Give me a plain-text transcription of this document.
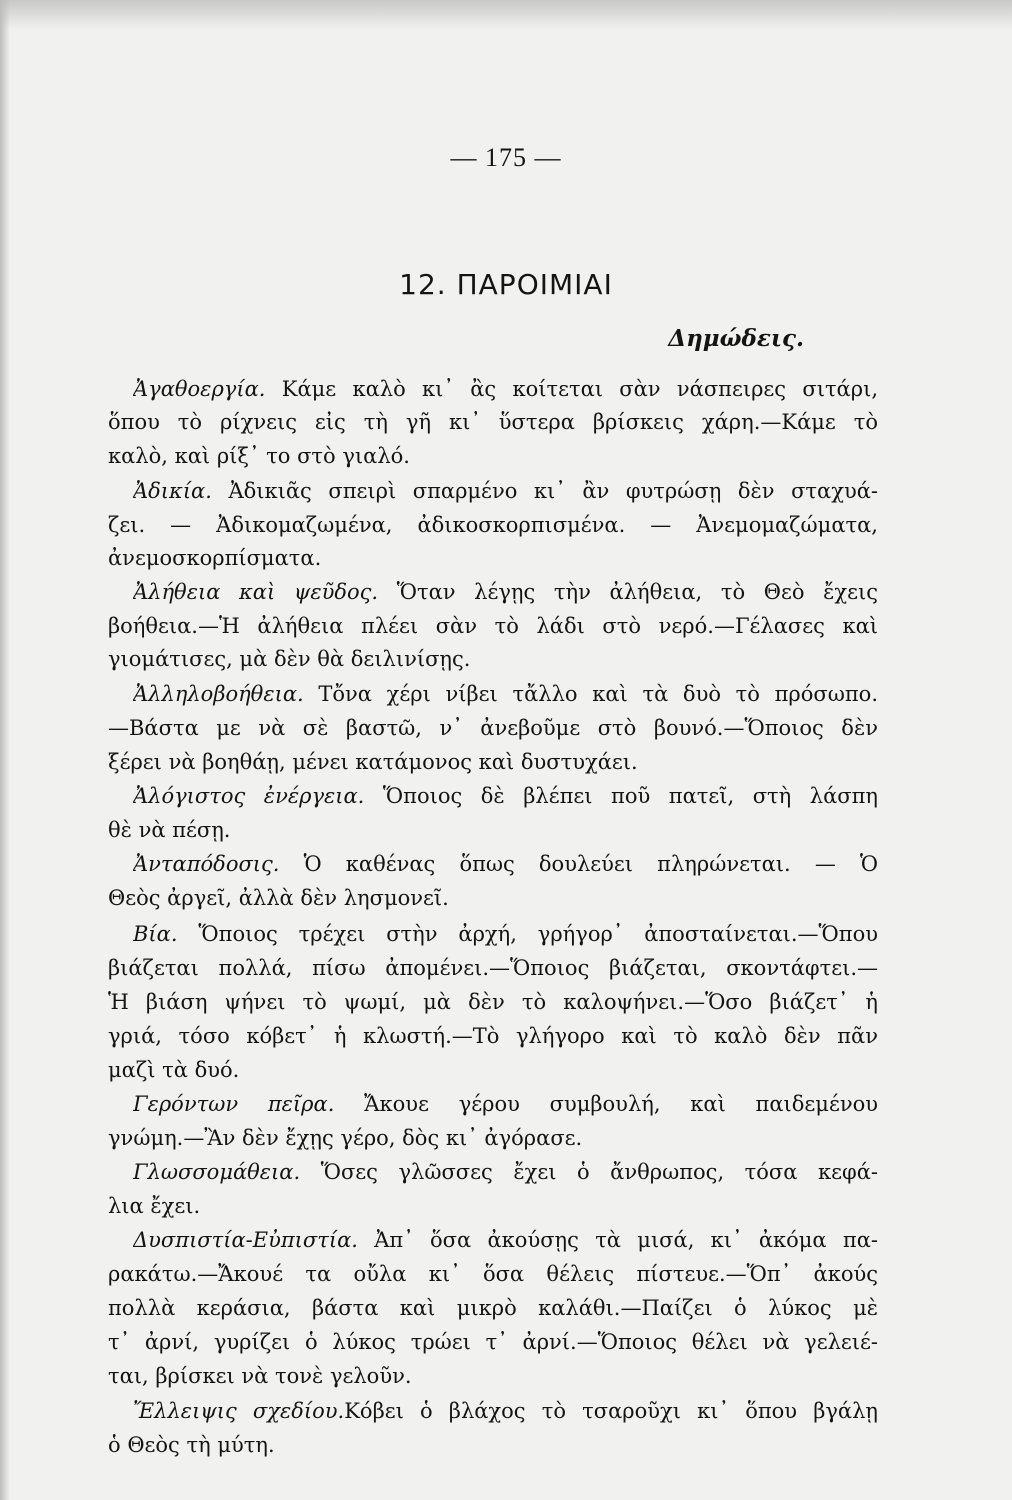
— 175 —
12. ΠΑΡΟΙΜΙΑΙ
Δημώδεις.
Ἀγαθοεργία. Κάμε καλὸ κι᾽ ἂς κοίτεται σὰν νάσπειρες σιτάρι,
ὅπου τὸ ρίχνεις εἰς τὴ γῆ κι᾽ ὕστερα βρίσκεις χάρη.—Κάμε τὸ
καλὸ, καὶ ρίξ᾽ το στὸ γιαλό.
Ἀδικία. Ἀδικιᾶς σπειρὶ σπαρμένο κι᾽ ἂν φυτρώσῃ δὲν σταχυά-
ζει. — Ἀδικομαζωμένα, ἀδικοσκορπισμένα. — Ἀνεμομαζώματα,
ἀνεμοσκορπίσματα.
Ἀλήθεια καὶ ψεῦδος. Ὅταν λέγῃς τὴν ἀλήθεια, τὸ Θεὸ ἔχεις
βοήθεια.—Ἡ ἀλήθεια πλέει σὰν τὸ λάδι στὸ νερό.—Γέλασες καὶ
γιομάτισες, μὰ δὲν θὰ δειλινίσῃς.
Ἀλληλοβοήθεια. Τὄνα χέρι νίβει τἄλλο καὶ τὰ δυὸ τὸ πρόσωπο.
—Βάστα με νὰ σὲ βαστῶ, ν᾽ ἀνεβοῦμε στὸ βουνό.—Ὅποιος δὲν
ξέρει νὰ βοηθάῃ, μένει κατάμονος καὶ δυστυχάει.
Ἀλόγιστος ἐνέργεια. Ὅποιος δὲ βλέπει ποῦ πατεῖ, στὴ λάσπη
θὲ νὰ πέσῃ.
Ἀνταπόδοσις. Ὁ καθένας ὅπως δουλεύει πληρώνεται. — Ὁ
Θεὸς ἀργεῖ, ἀλλὰ δὲν λησμονεῖ.
Βία. Ὅποιος τρέχει στὴν ἀρχή, γρήγορ᾽ ἀποσταίνεται.—Ὅπου
βιάζεται πολλά, πίσω ἀπομένει.—Ὅποιος βιάζεται, σκοντάφτει.—
Ἡ βιάση ψήνει τὸ ψωμί, μὰ δὲν τὸ καλοψήνει.—Ὅσο βιάζετ᾽ ἡ
γριά, τόσο κόβετ᾽ ἡ κλωστή.—Τὸ γλήγορο καὶ τὸ καλὸ δὲν πᾶν
μαζὶ τὰ δυό.
Γερόντων πεῖρα. Ἄκουε γέρου συμβουλή, καὶ παιδεμένου
γνώμη.—Ἂν δὲν ἔχῃς γέρο, δὸς κι᾽ ἀγόρασε.
Γλωσσομάθεια. Ὅσες γλῶσσες ἔχει ὁ ἄνθρωπος, τόσα κεφά-
λια ἔχει.
Δυσπιστία-Εὐπιστία. Ἀπ᾽ ὅσα ἀκούσῃς τὰ μισά, κι᾽ ἀκόμα πα-
ρακάτω.—Ἄκουέ τα οὔλα κι᾽ ὅσα θέλεις πίστευε.—Ὅπ᾽ ἀκούς
πολλὰ κεράσια, βάστα καὶ μικρὸ καλάθι.—Παίζει ὁ λύκος μὲ
τ᾽ ἀρνί, γυρίζει ὁ λύκος τρώει τ᾽ ἀρνί.—Ὅποιος θέλει νὰ γελειέ-
ται, βρίσκει νὰ τονὲ γελοῦν.
Ἔλλειψις σχεδίου.Κόβει ὁ βλάχος τὸ τσαροῦχι κι᾽ ὅπου βγάλῃ
ὁ Θεὸς τὴ μύτη.
